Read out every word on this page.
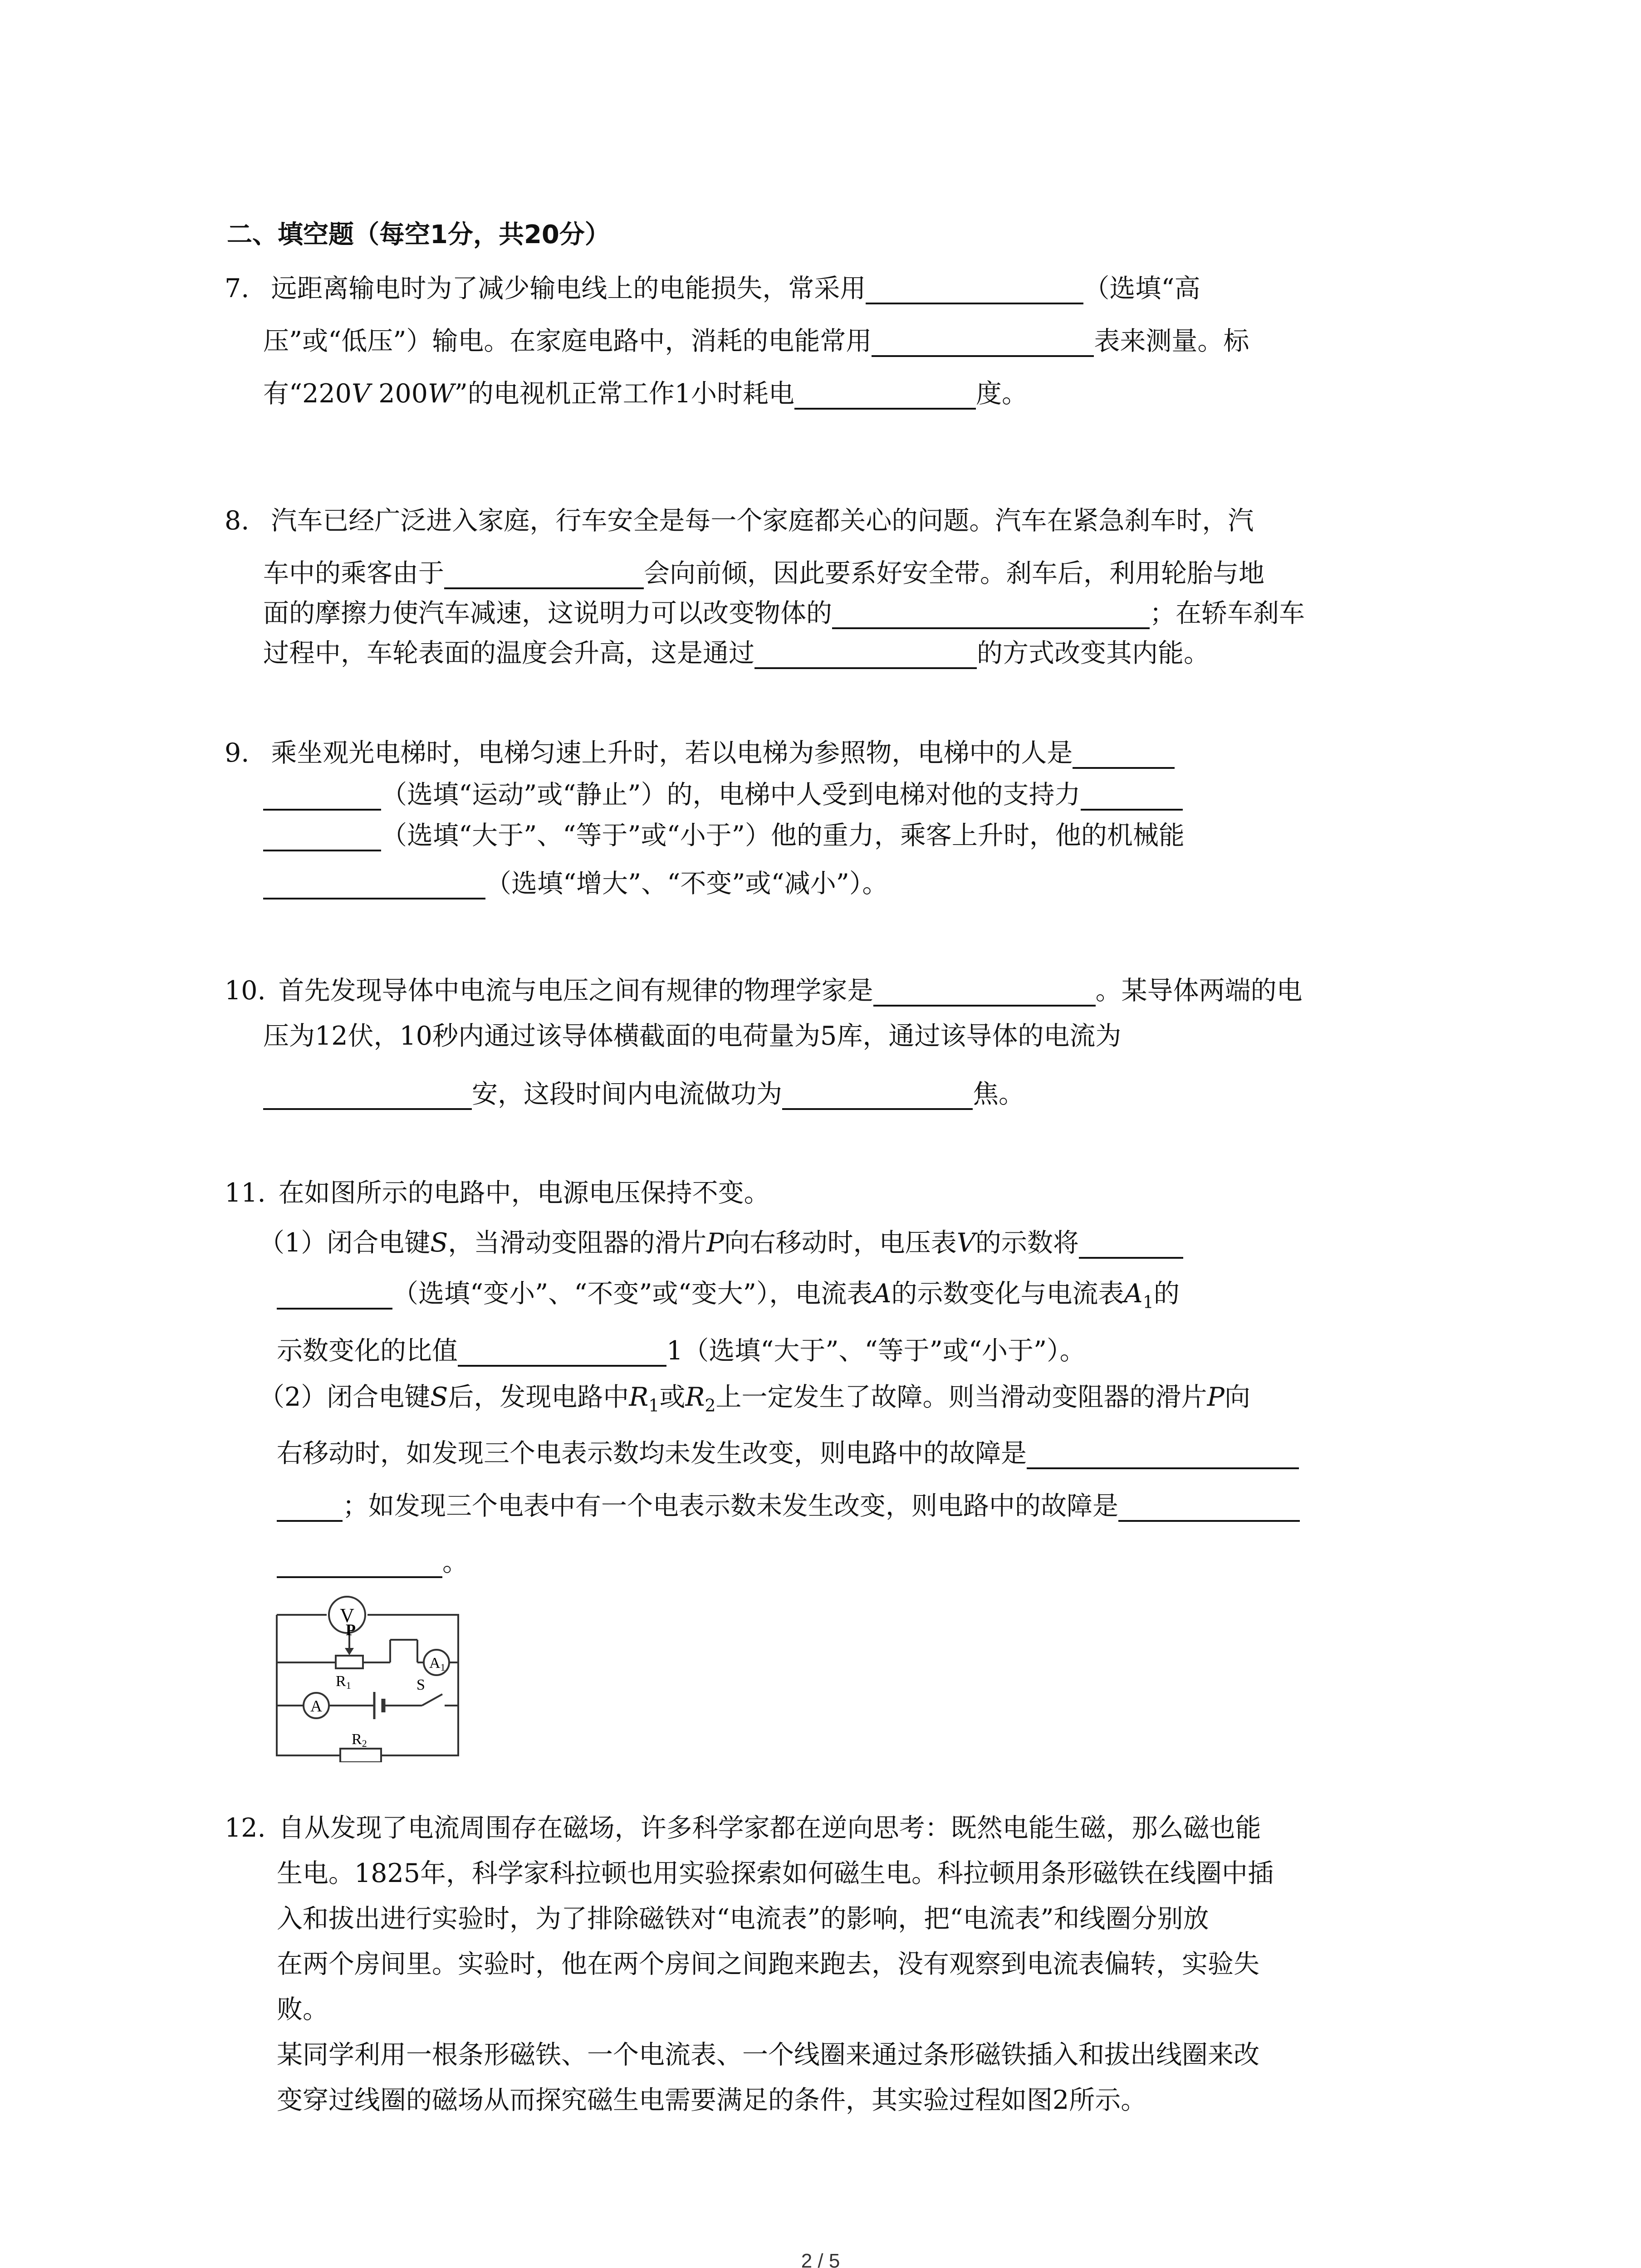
二、填空题（每空1分，共20分）
7. 远距离输电时为了减少输电线上的电能损失，常采用	（选填“高
压”或“低压”）输电。在家庭电路中，消耗的电能常用	表来测量。标
有“220V 200W”的电视机正常工作1小时耗电	度。
8. 汽车已经广泛进入家庭，行车安全是每一个家庭都关心的问题。汽车在紧急刹车时，汽
车中的乘客由于	会向前倾，因此要系好安全带。刹车后，利用轮胎与地
面的摩擦力使汽车减速，这说明力可以改变物体的	；在轿车刹车
过程中，车轮表面的温度会升高，这是通过	的方式改变其内能。
9. 乘坐观光电梯时，电梯匀速上升时，若以电梯为参照物，电梯中的人是
（选填“运动”或“静止”）的，电梯中人受到电梯对他的支持力
（选填“大于”、“等于”或“小于”）他的重力，乘客上升时，他的机械能
（选填“增大”、“不变”或“减小”）。
10. 首先发现导体中电流与电压之间有规律的物理学家是	。某导体两端的电
压为12伏，10秒内通过该导体横截面的电荷量为5库，通过该导体的电流为
安，这段时间内电流做功为	焦。
11. 在如图所示的电路中，电源电压保持不变。
（1）闭合电键S，当滑动变阻器的滑片P向右移动时，电压表V的示数将
（选填“变小”、“不变”或“变大”），电流表A的示数变化与电流表$A_1$的
示数变化的比值	1（选填“大于”、“等于”或“小于”）。
（2）闭合电键S后，发现电路中$R_1$或$R_2$上一定发生了故障。则当滑动变阻器的滑片P向
右移动时，如发现三个电表示数均未发生改变，则电路中的故障是
；如发现三个电表中有一个电表示数未发生改变，则电路中的故障是
。
V
P
A1
R1	S
A
R2
12. 自从发现了电流周围存在磁场，许多科学家都在逆向思考：既然电能生磁，那么磁也能
生电。1825年，科学家科拉顿也用实验探索如何磁生电。科拉顿用条形磁铁在线圈中插
入和拔出进行实验时，为了排除磁铁对“电流表”的影响，把“电流表”和线圈分别放
在两个房间里。实验时，他在两个房间之间跑来跑去，没有观察到电流表偏转，实验失
败。
某同学利用一根条形磁铁、一个电流表、一个线圈来通过条形磁铁插入和拔出线圈来改
变穿过线圈的磁场从而探究磁生电需要满足的条件，其实验过程如图2所示。
2 / 5
